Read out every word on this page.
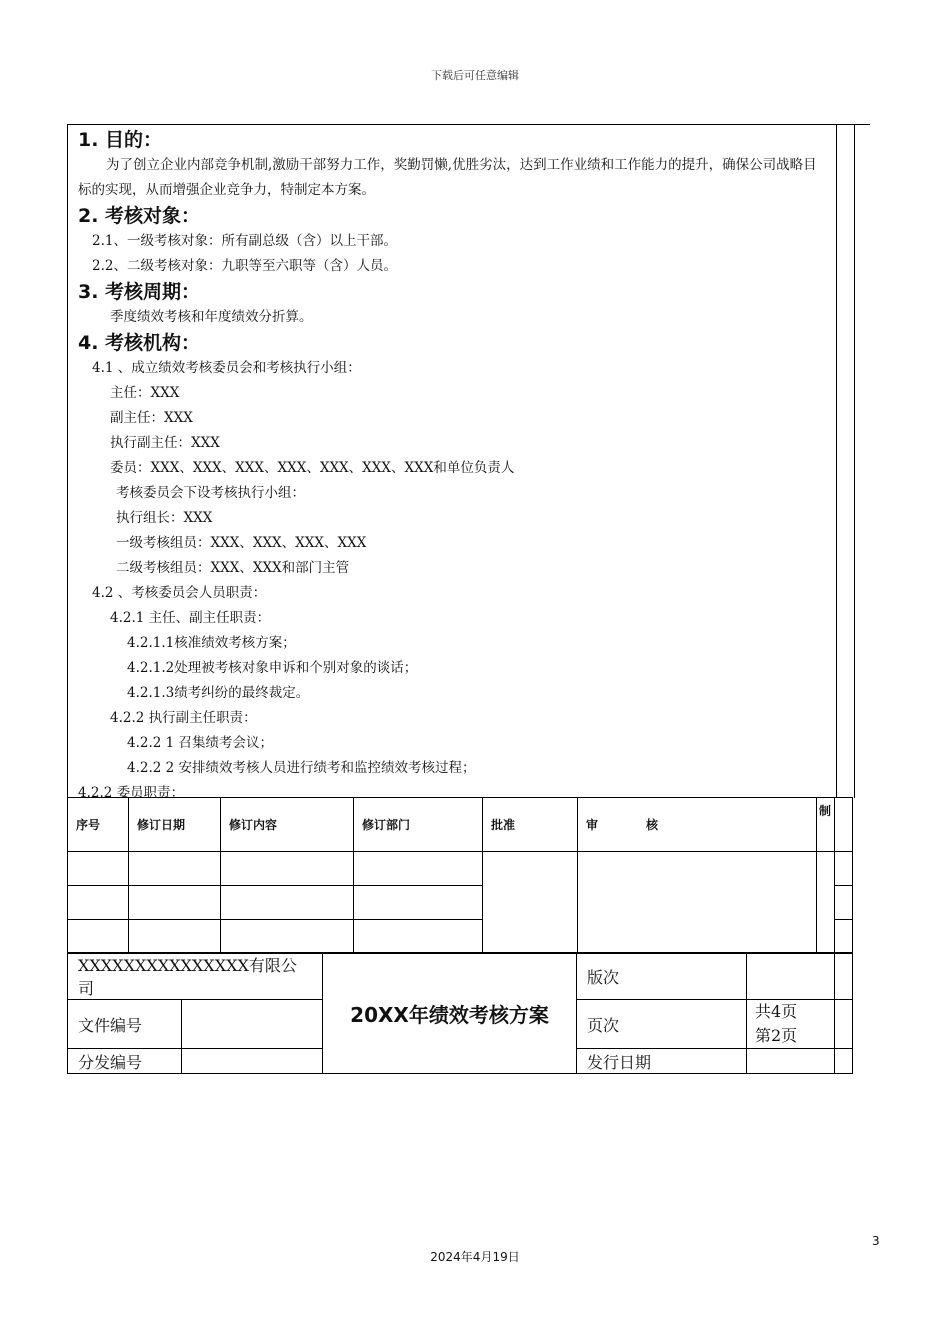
下载后可任意编辑
1. 目的：
为了创立企业内部竞争机制,激励干部努力工作，奖勤罚懒,优胜劣汰，达到工作业绩和工作能力的提升，确保公司战略目标的实现，从而增强企业竞争力，特制定本方案。
2. 考核对象：
2.1、一级考核对象：所有副总级（含）以上干部。
2.2、二级考核对象：九职等至六职等（含）人员。
3. 考核周期：
季度绩效考核和年度绩效分折算。
4. 考核机构：
4.1 、成立绩效考核委员会和考核执行小组：
主任：XXX
副主任：XXX
执行副主任：XXX
委员：XXX、XXX、XXX、XXX、XXX、XXX、XXX和单位负责人
考核委员会下设考核执行小组：
执行组长：XXX
一级考核组员：XXX、XXX、XXX、XXX
二级考核组员：XXX、XXX和部门主管
4.2 、考核委员会人员职责：
4.2.1 主任、副主任职责：
4.2.1.1核准绩效考核方案；
4.2.1.2处理被考核对象申诉和个别对象的谈话；
4.2.1.3绩考纠纷的最终裁定。
4.2.2 执行副主任职责：
4.2.2 1 召集绩考会议；
4.2.2 2 安排绩效考核人员进行绩考和监控绩效考核过程；
4.2.2 委员职责：
序号	修订日期	修订内容	修订部门	批准	审　　　　核	制	

XXXXXXXXXXXXXXX有限公司		20XX年绩效考核方案	版次		
文件编号			页次	共4页
第2页	

分发编号			发行日期		
3
2024年4月19日
